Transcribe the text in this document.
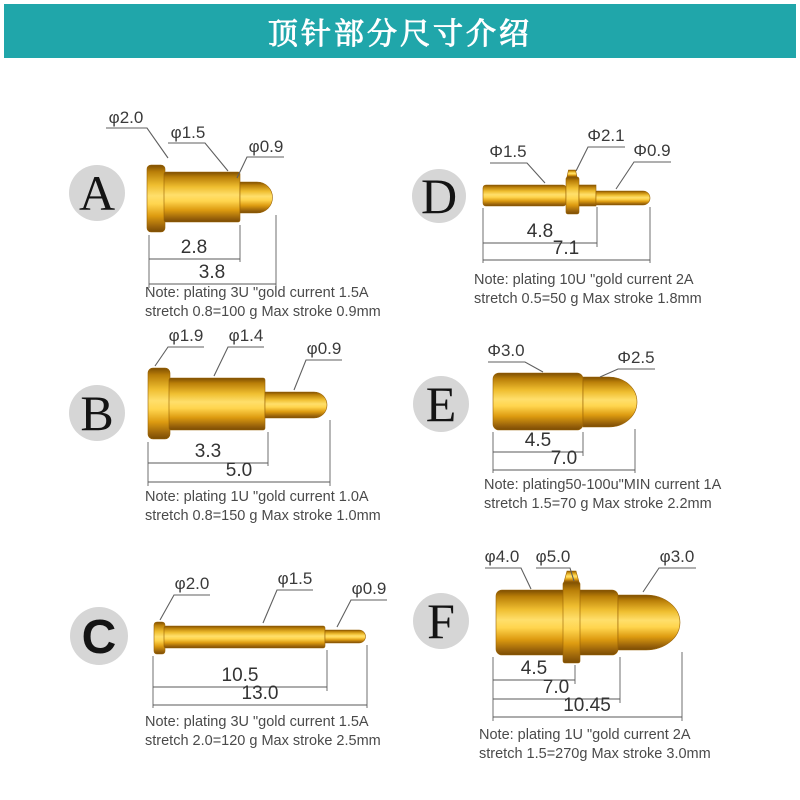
顶针部分尺寸介绍
A
φ2.0
φ1.5
φ0.9
2.8
3.8
Note: plating 3U "gold current 1.5A
stretch 0.8=100 g Max stroke 0.9mm
D
Φ1.5
Φ2.1
Φ0.9
4.8
7.1
Note: plating 10U "gold current 2A
stretch 0.5=50 g Max stroke 1.8mm
B
φ1.9 φ1.4
φ0.9
3.3
5.0
Note: plating 1U "gold current 1.0A
stretch 0.8=150 g Max stroke 1.0mm
E
Φ3.0	Φ2.5
4.5
7.0
Note: plating50-100u"MIN current 1A
stretch 1.5=70 g Max stroke 2.2mm
C
φ2.0	φ1.5
φ0.9
10.5
13.0
Note: plating 3U "gold current 1.5A
stretch 2.0=120 g Max stroke 2.5mm
F
φ4.0 φ5.0	φ3.0
4.5
7.0
10.45
Note: plating 1U "gold current 2A
stretch 1.5=270g Max stroke 3.0mm
